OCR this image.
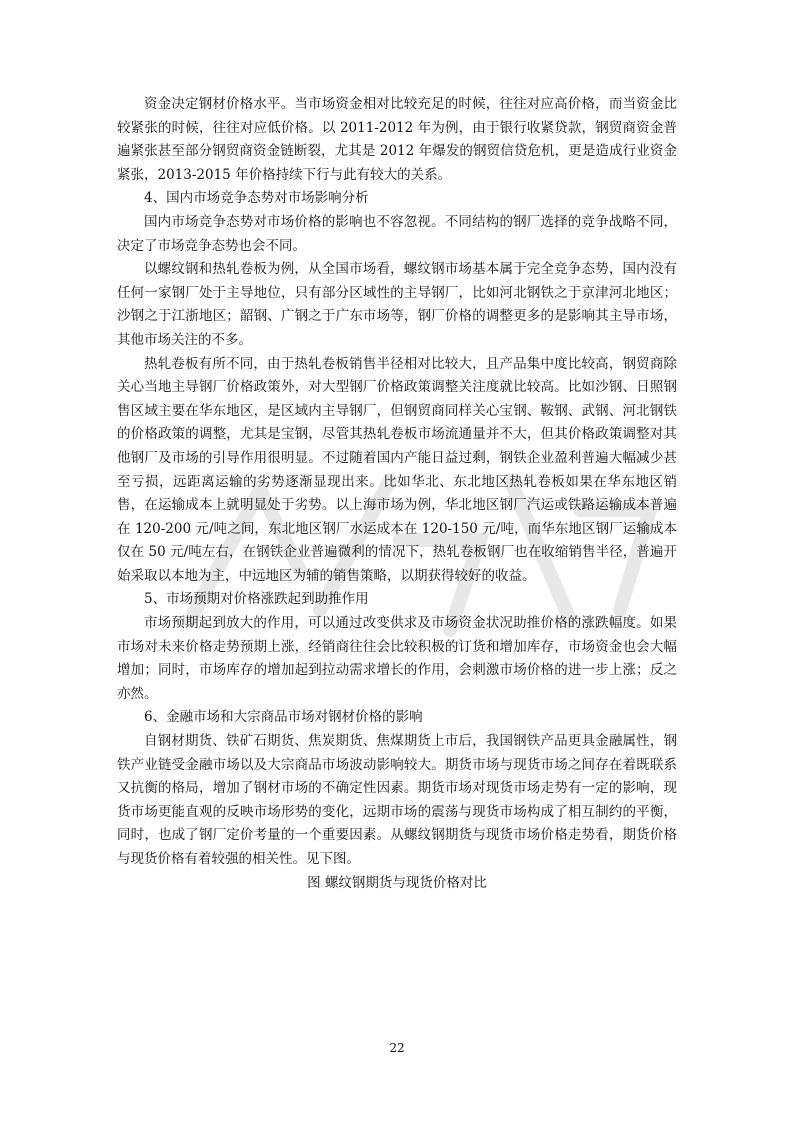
资金决定钢材价格水平。当市场资金相对比较充足的时候，往往对应高价格，而当资金比较紧张的时候，往往对应低价格。以 2011-2012 年为例，由于银行收紧贷款，钢贸商资金普遍紧张甚至部分钢贸商资金链断裂，尤其是 2012 年爆发的钢贸信贷危机，更是造成行业资金紧张，2013-2015 年价格持续下行与此有较大的关系。

4、国内市场竞争态势对市场影响分析

国内市场竞争态势对市场价格的影响也不容忽视。不同结构的钢厂选择的竞争战略不同，决定了市场竞争态势也会不同。

以螺纹钢和热轧卷板为例，从全国市场看，螺纹钢市场基本属于完全竞争态势，国内没有任何一家钢厂处于主导地位，只有部分区域性的主导钢厂，比如河北钢铁之于京津河北地区；沙钢之于江浙地区；韶钢、广钢之于广东市场等，钢厂价格的调整更多的是影响其主导市场，其他市场关注的不多。

热轧卷板有所不同，由于热轧卷板销售半径相对比较大，且产品集中度比较高，钢贸商除关心当地主导钢厂价格政策外，对大型钢厂价格政策调整关注度就比较高。比如沙钢、日照钢售区域主要在华东地区，是区域内主导钢厂，但钢贸商同样关心宝钢、鞍钢、武钢、河北钢铁的价格政策的调整，尤其是宝钢，尽管其热轧卷板市场流通量并不大，但其价格政策调整对其他钢厂及市场的引导作用很明显。不过随着国内产能日益过剩，钢铁企业盈利普遍大幅减少甚至亏损，远距离运输的劣势逐渐显现出来。比如华北、东北地区热轧卷板如果在华东地区销售，在运输成本上就明显处于劣势。以上海市场为例，华北地区钢厂汽运或铁路运输成本普遍在 120-200 元/吨之间，东北地区钢厂水运成本在 120-150 元/吨，而华东地区钢厂运输成本仅在 50 元/吨左右，在钢铁企业普遍微利的情况下，热轧卷板钢厂也在收缩销售半径，普遍开始采取以本地为主，中远地区为辅的销售策略，以期获得较好的收益。

5、市场预期对价格涨跌起到助推作用

市场预期起到放大的作用，可以通过改变供求及市场资金状况助推价格的涨跌幅度。如果市场对未来价格走势预期上涨，经销商往往会比较积极的订货和增加库存，市场资金也会大幅增加；同时，市场库存的增加起到拉动需求增长的作用，会刺激市场价格的进一步上涨；反之亦然。

6、金融市场和大宗商品市场对钢材价格的影响

自钢材期货、铁矿石期货、焦炭期货、焦煤期货上市后，我国钢铁产品更具金融属性，钢铁产业链受金融市场以及大宗商品市场波动影响较大。期货市场与现货市场之间存在着既联系又抗衡的格局，增加了钢材市场的不确定性因素。期货市场对现货市场走势有一定的影响，现货市场更能直观的反映市场形势的变化，远期市场的震荡与现货市场构成了相互制约的平衡，同时，也成了钢厂定价考量的一个重要因素。从螺纹钢期货与现货市场价格走势看，期货价格与现货价格有着较强的相关性。见下图。

图 螺纹钢期货与现货价格对比

22
